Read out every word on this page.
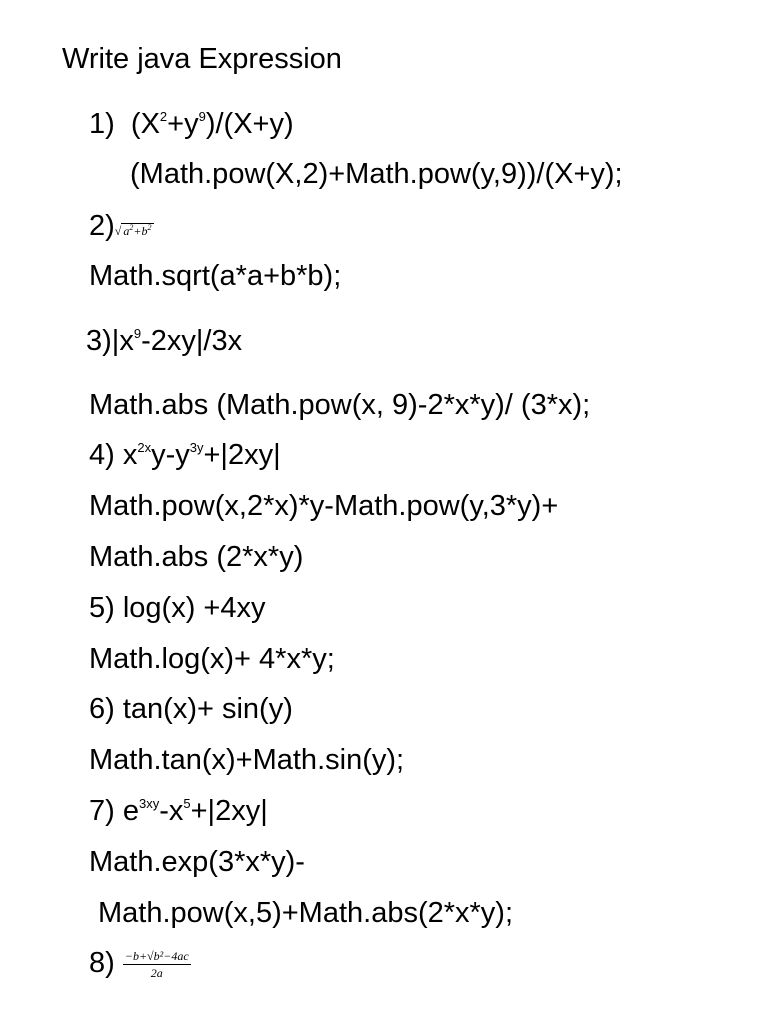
Write java Expression
1) $(X^2+y^9)/(X+y)$
(Math.pow(X,2)+Math.pow(y,9))/(X+y);
2)√ $a^2+b^2$
Math.sqrt(a*a+b*b);
$3)|x^9-2xy|/3x$
Math.abs (Math.pow(x, 9)-2*x*y)/ (3*x);
4) $x^{2x}y-y^{3y}+|2xy|$
Math.pow(x,2*x)*y-Math.pow(y,3*y)+
Math.abs (2*x*y)
5) log(x) +4xy
Math.log(x)+ 4*x*y;
6) tan(x)+ sin(y)
Math.tan(x)+Math.sin(y);
7) $e^{3xy}-x^5+|2xy|$
Math.exp(3*x*y)-
Math.pow(x,5)+Math.abs(2*x*y);
$8) \frac{\text{−b+√b²−4ac}}{2a}$
